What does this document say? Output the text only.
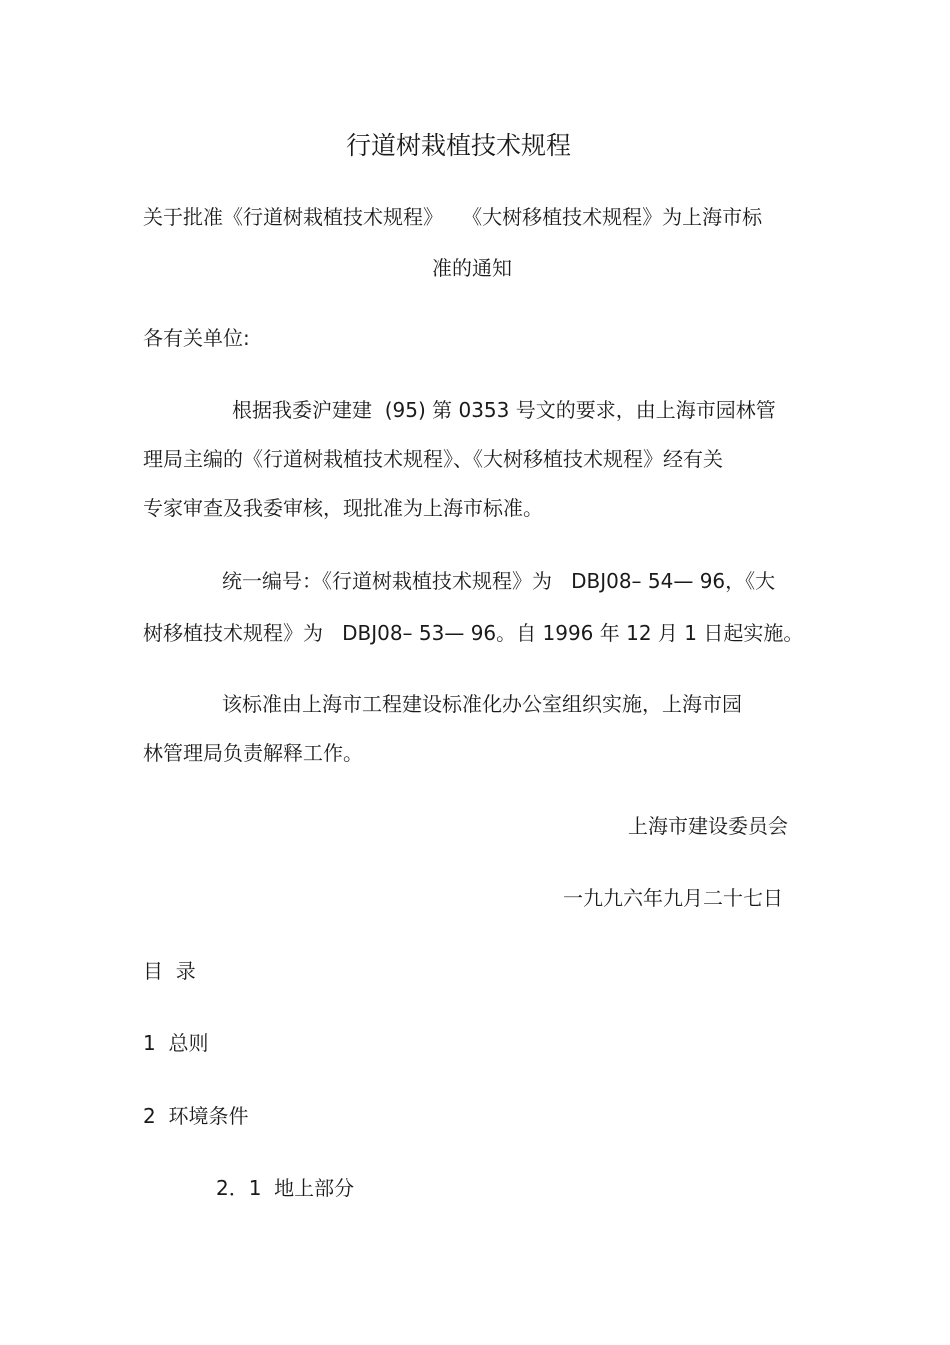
行道树栽植技术规程
关于批准《行道树栽植技术规程》   《大树移植技术规程》为上海市标
准的通知
各有关单位:
根据我委沪建建  (95) 第 0353 号文的要求，由上海市园林管
理局主编的《行道树栽植技术规程》、《大树移植技术规程》经有关
专家审查及我委审核，现批准为上海市标准。
统一编号：《行道树栽植技术规程》为   DBJ08– 54— 96，《大
树移植技术规程》为   DBJ08– 53— 96。自 1996 年 12 月 1 日起实施。
该标准由上海市工程建设标准化办公室组织实施，上海市园
林管理局负责解释工作。
上海市建设委员会
一九九六年九月二十七日
目  录
1  总则
2  环境条件
2．1  地上部分
